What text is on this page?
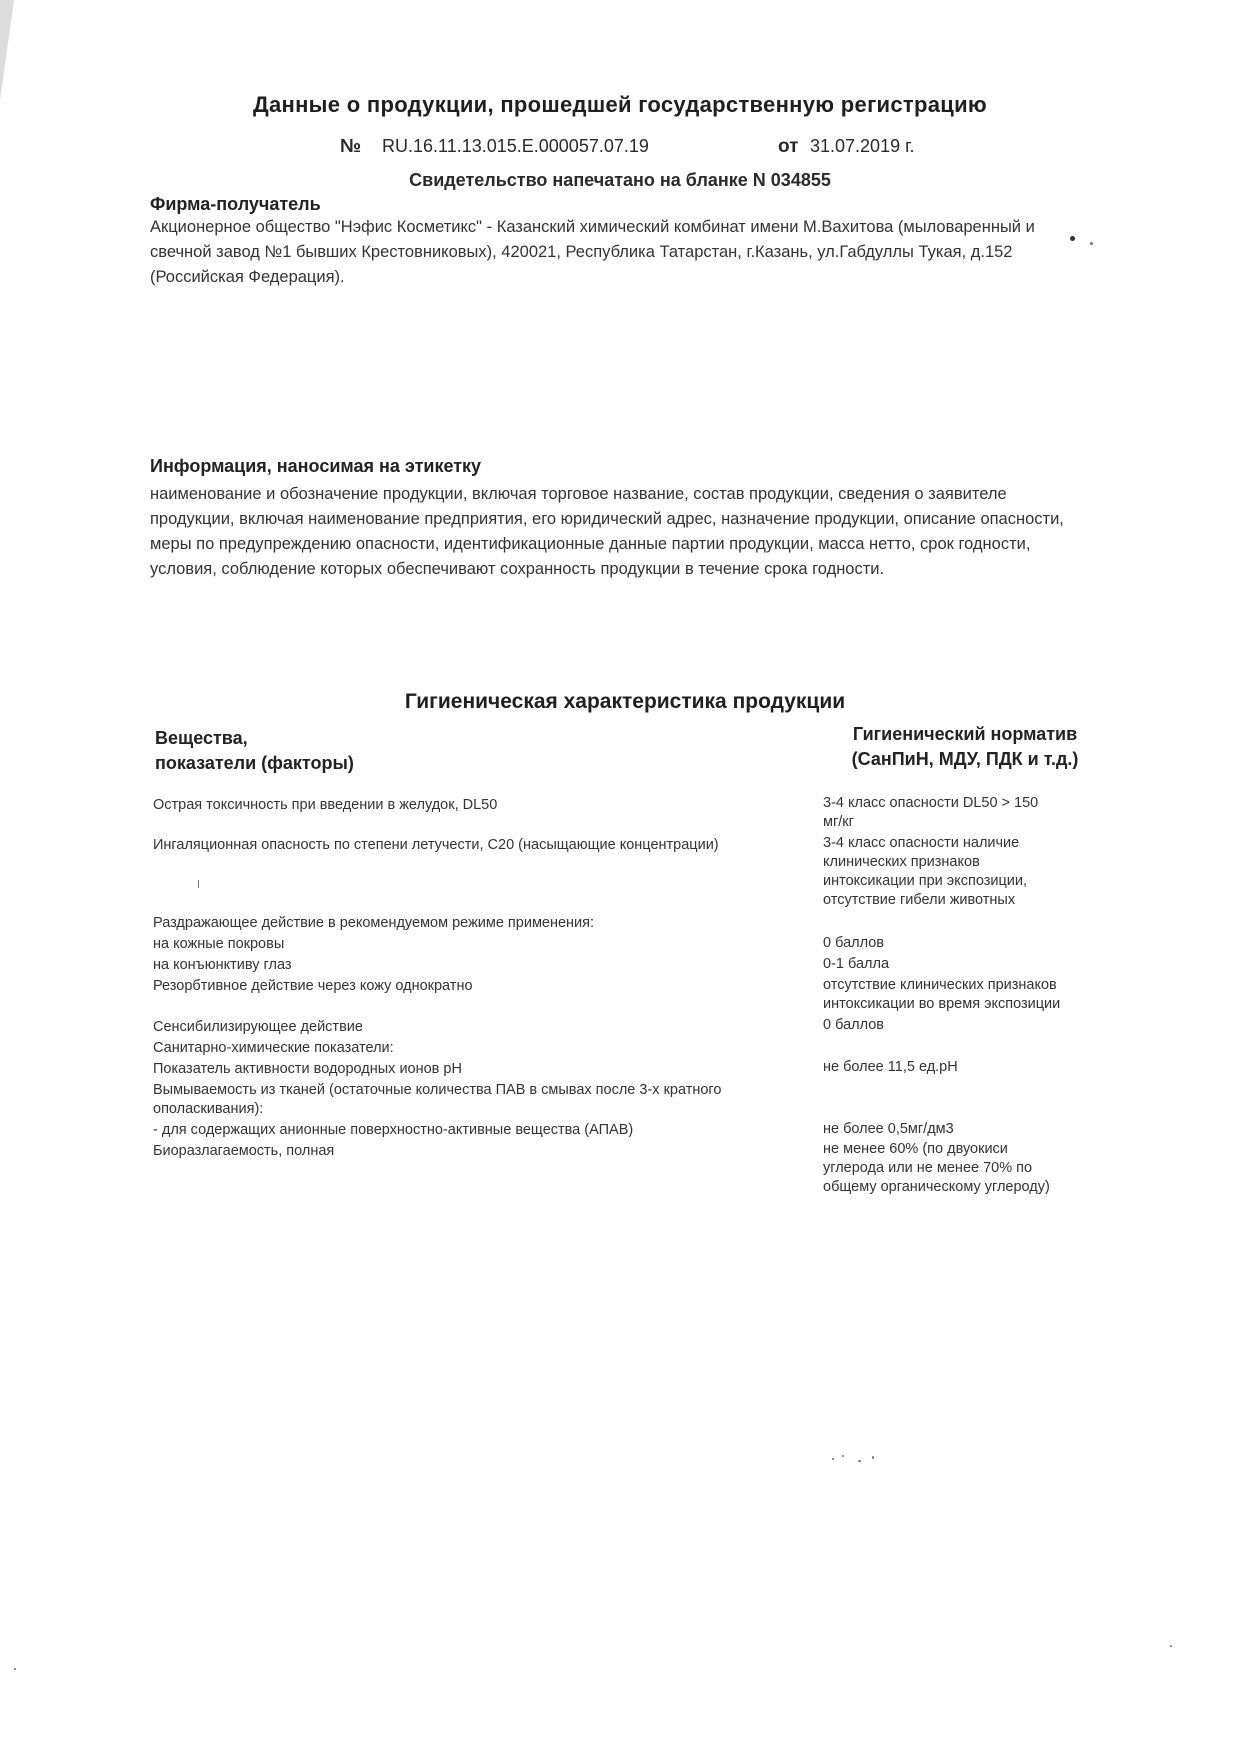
Данные о продукции, прошедшей государственную регистрацию
№ RU.16.11.13.015.Е.000057.07.19	от 31.07.2019 г.
Свидетельство напечатано на бланке N 034855
Фирма-получатель
Акционерное общество "Нэфис Косметикс" - Казанский химический комбинат имени М.Вахитова (мыловаренный и
свечной завод №1 бывших Крестовниковых), 420021, Республика Татарстан, г.Казань, ул.Габдуллы Тукая, д.152
(Российская Федерация).
Информация, наносимая на этикетку
наименование и обозначение продукции, включая торговое название, состав продукции, сведения о заявителе
продукции, включая наименование предприятия, его юридический адрес, назначение продукции, описание опасности,
меры по предупреждению опасности, идентификационные данные партии продукции, масса нетто, срок годности,
условия, соблюдение которых обеспечивают сохранность продукции в течение срока годности.
Гигиеническая характеристика продукции
Вещества,
показатели (факторы)
Гигиенический норматив
(СанПиН, МДУ, ПДК и т.д.)
Острая токсичность при введении в желудок, DL50
Ингаляционная опасность по степени летучести, C20 (насыщающие концентрации)
Раздражающее действие в рекомендуемом режиме применения:
на кожные покровы
на конъюнктиву глаз
Резорбтивное действие через кожу однократно
Сенсибилизирующее действие
Санитарно-химические показатели:
Показатель активности водородных ионов pH
Вымываемость из тканей (остаточные количества ПАВ в смывах после 3-х кратного
ополаскивания):
- для содержащих анионные поверхностно-активные вещества (АПАВ)
Биоразлагаемость, полная
3-4 класс опасности DL50 > 150
мг/кг
3-4 класс опасности наличие
клинических признаков
интоксикации при экспозиции,
отсутствие гибели животных
0 баллов
0-1 балла
отсутствие клинических признаков
интоксикации во время экспозиции
0 баллов
не более 11,5 ед.pH
не более 0,5мг/дм3
не менее 60% (по двуокиси
углерода или не менее 70% по
общему органическому углероду)
